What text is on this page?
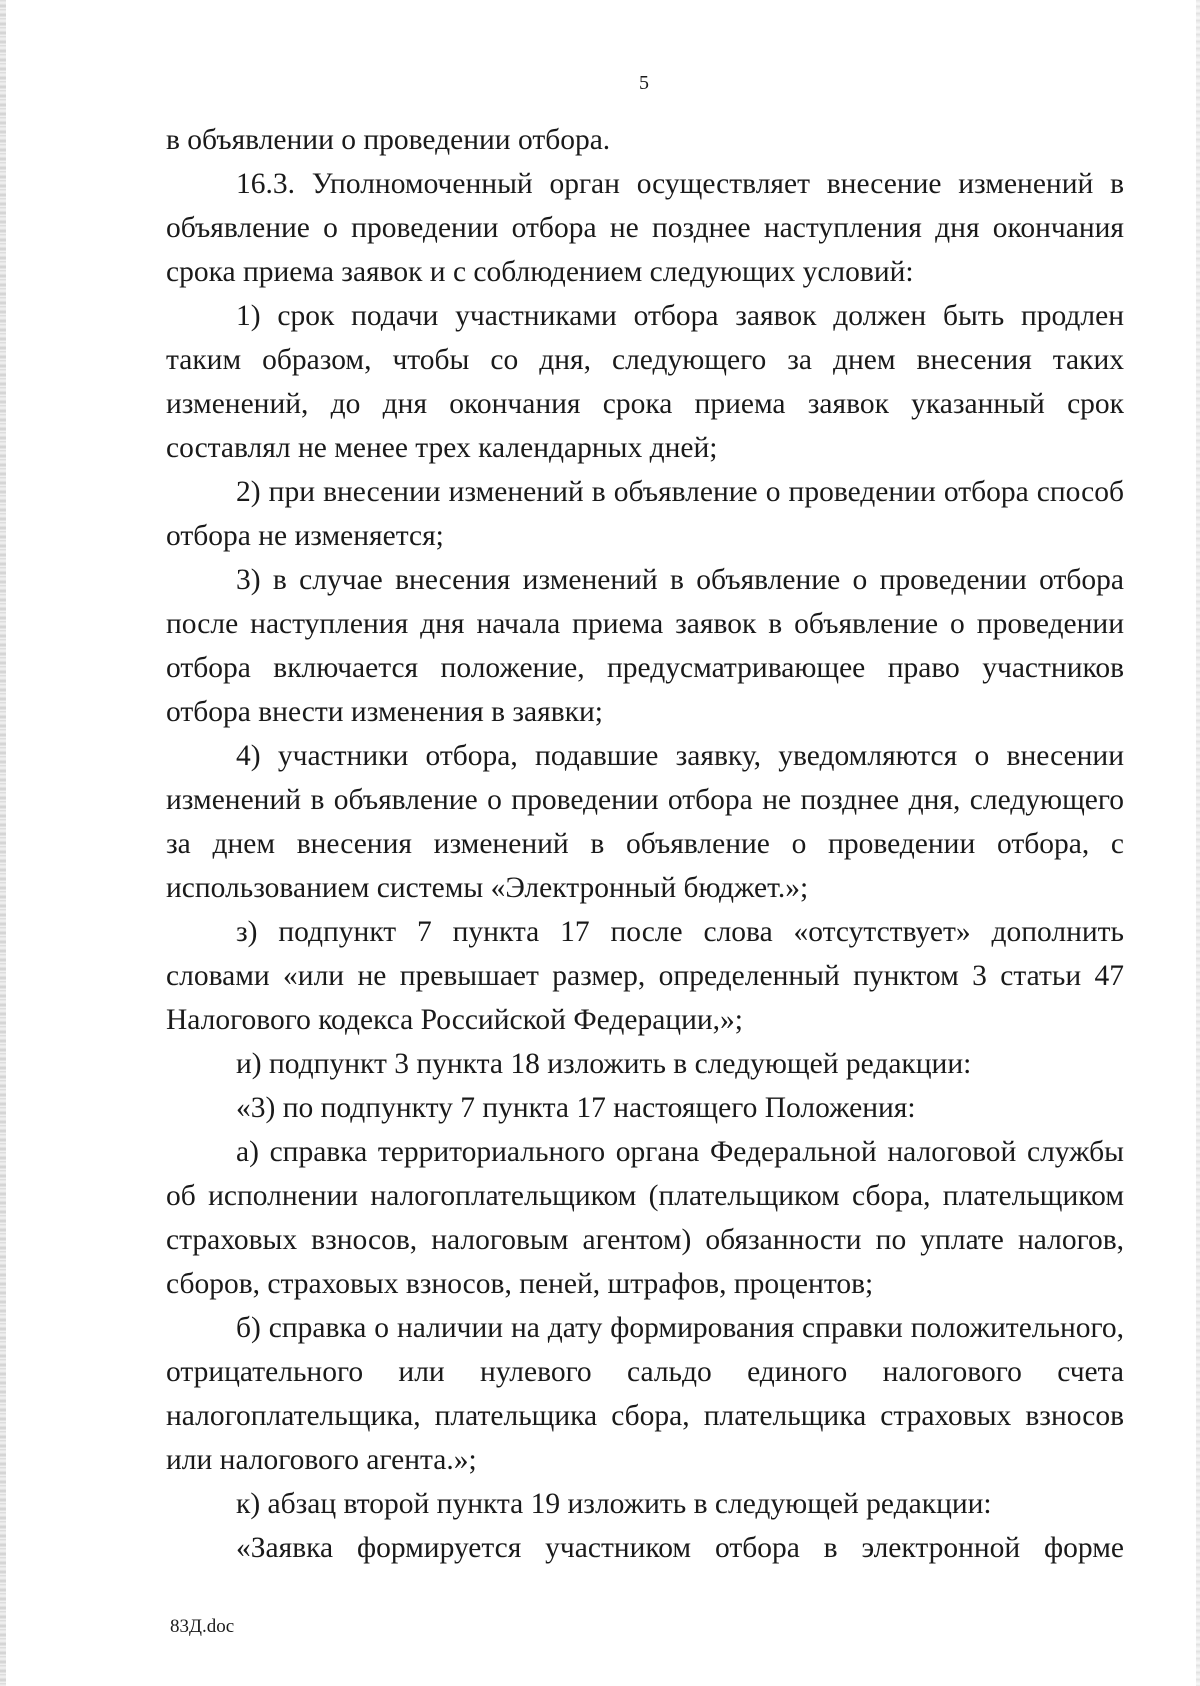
5

в объявлении о проведении отбора.

16.3. Уполномоченный орган осуществляет внесение изменений в объявление о проведении отбора не позднее наступления дня окончания срока приема заявок и с соблюдением следующих условий:

1) срок подачи участниками отбора заявок должен быть продлен таким образом, чтобы со дня, следующего за днем внесения таких изменений, до дня окончания срока приема заявок указанный срок составлял не менее трех календарных дней;

2) при внесении изменений в объявление о проведении отбора способ отбора не изменяется;

3) в случае внесения изменений в объявление о проведении отбора после наступления дня начала приема заявок в объявление о проведении отбора включается положение, предусматривающее право участников отбора внести изменения в заявки;

4) участники отбора, подавшие заявку, уведомляются о внесении изменений в объявление о проведении отбора не позднее дня, следующего за днем внесения изменений в объявление о проведении отбора, с использованием системы «Электронный бюджет.»;

з) подпункт 7 пункта 17 после слова «отсутствует» дополнить словами «или не превышает размер, определенный пунктом 3 статьи 47 Налогового кодекса Российской Федерации,»;

и) подпункт 3 пункта 18 изложить в следующей редакции:

«3) по подпункту 7 пункта 17 настоящего Положения:

а) справка территориального органа Федеральной налоговой службы об исполнении налогоплательщиком (плательщиком сбора, плательщиком страховых взносов, налоговым агентом) обязанности по уплате налогов, сборов, страховых взносов, пеней, штрафов, процентов;

б) справка о наличии на дату формирования справки положительного, отрицательного или нулевого сальдо единого налогового счета налогоплательщика, плательщика сбора, плательщика страховых взносов или налогового агента.»;

к) абзац второй пункта 19 изложить в следующей редакции:

«Заявка формируется участником отбора в электронной форме

83Д.doc
